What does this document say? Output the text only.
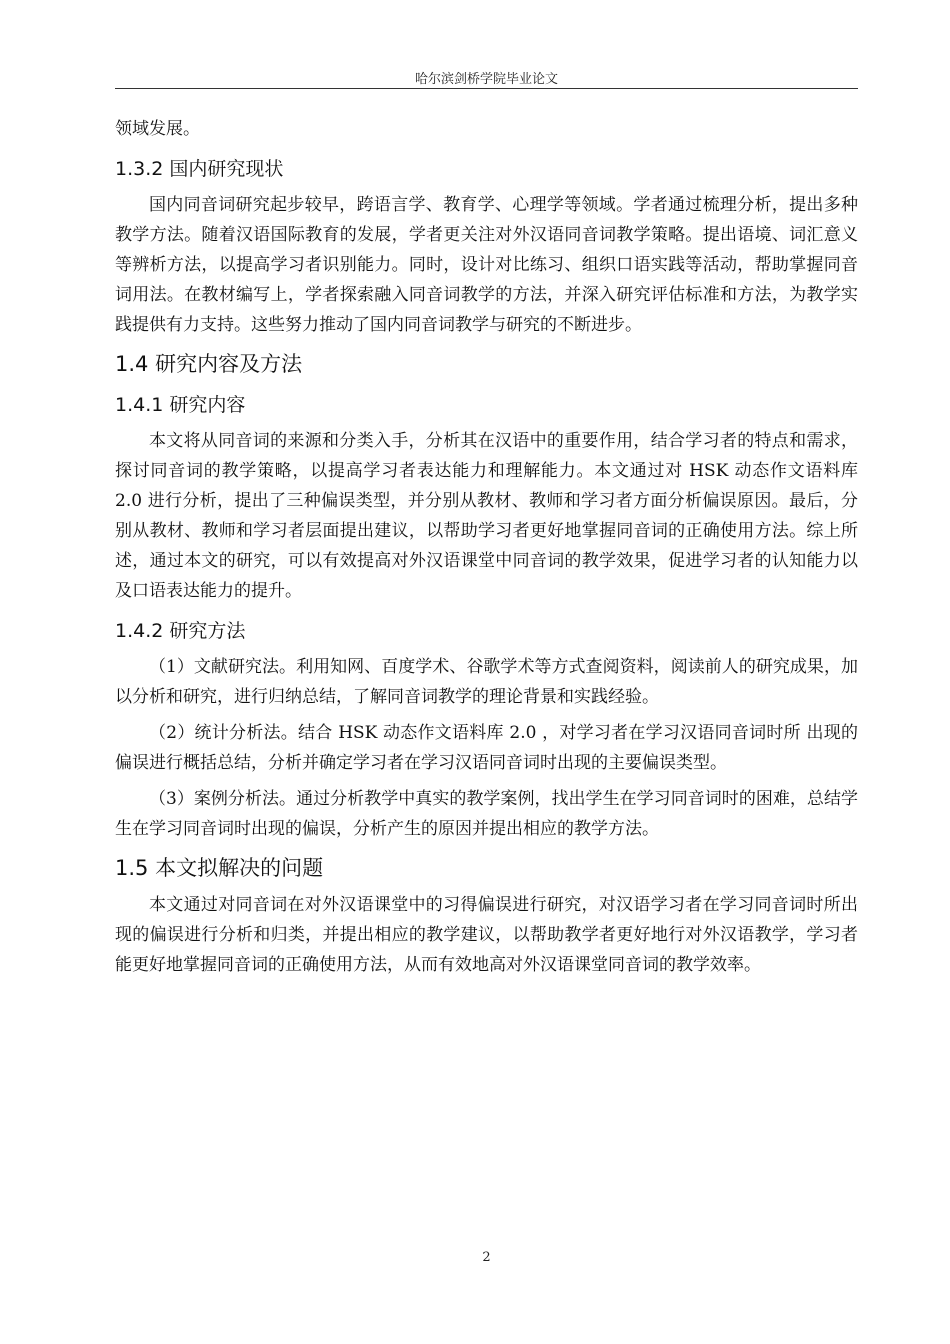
哈尔滨剑桥学院毕业论文

领域发展。

1.3.2 国内研究现状

国内同音词研究起步较早，跨语言学、教育学、心理学等领域。学者通过梳理分析，提出多种教学方法。随着汉语国际教育的发展，学者更关注对外汉语同音词教学策略。提出语境、词汇意义等辨析方法，以提高学习者识别能力。同时，设计对比练习、组织口语实践等活动，帮助掌握同音词用法。在教材编写上，学者探索融入同音词教学的方法，并深入研究评估标准和方法，为教学实践提供有力支持。这些努力推动了国内同音词教学与研究的不断进步。

1.4 研究内容及方法
1.4.1 研究内容

本文将从同音词的来源和分类入手，分析其在汉语中的重要作用，结合学习者的特点和需求，探讨同音词的教学策略，以提高学习者表达能力和理解能力。本文通过对 HSK 动态作文语料库 2.0 进行分析，提出了三种偏误类型，并分别从教材、教师和学习者方面分析偏误原因。最后，分别从教材、教师和学习者层面提出建议，以帮助学习者更好地掌握同音词的正确使用方法。综上所述，通过本文的研究，可以有效提高对外汉语课堂中同音词的教学效果，促进学习者的认知能力以及口语表达能力的提升。

1.4.2 研究方法

（1）文献研究法。利用知网、百度学术、谷歌学术等方式查阅资料，阅读前人的研究成果，加以分析和研究，进行归纳总结，了解同音词教学的理论背景和实践经验。

（2）统计分析法。结合 HSK 动态作文语料库 2.0 ，对学习者在学习汉语同音词时所 出现的偏误进行概括总结，分析并确定学习者在学习汉语同音词时出现的主要偏误类型。

（3）案例分析法。通过分析教学中真实的教学案例，找出学生在学习同音词时的困难，总结学生在学习同音词时出现的偏误，分析产生的原因并提出相应的教学方法。

1.5 本文拟解决的问题

本文通过对同音词在对外汉语课堂中的习得偏误进行研究，对汉语学习者在学习同音词时所出现的偏误进行分析和归类，并提出相应的教学建议，以帮助教学者更好地行对外汉语教学，学习者能更好地掌握同音词的正确使用方法，从而有效地高对外汉语课堂同音词的教学效率。

2
